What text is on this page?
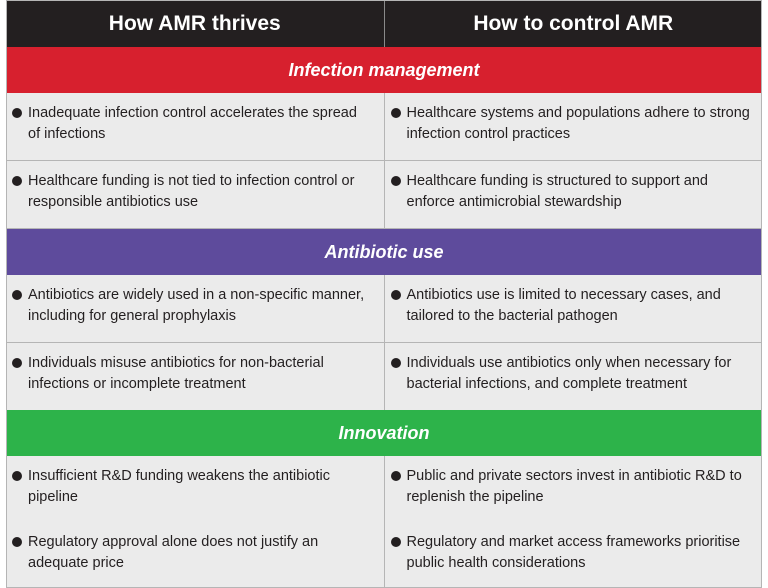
How AMR thrives	How to control AMR
Infection management
Inadequate infection control accelerates the spread of infections
Healthcare systems and populations adhere to strong infection control practices
Healthcare funding is not tied to infection control or responsible antibiotics use
Healthcare funding is structured to support and enforce antimicrobial stewardship
Antibiotic use
Antibiotics are widely used in a non-specific manner, including for general prophylaxis
Antibiotics use is limited to necessary cases, and tailored to the bacterial pathogen
Individuals misuse antibiotics for non-bacterial infections or incomplete treatment
Individuals use antibiotics only when necessary for bacterial infections, and complete treatment
Innovation
Insufficient R&D funding weakens the antibiotic pipeline
Public and private sectors invest in antibiotic R&D to replenish the pipeline
Regulatory approval alone does not justify an adequate price
Regulatory and market access frameworks prioritise public health considerations
